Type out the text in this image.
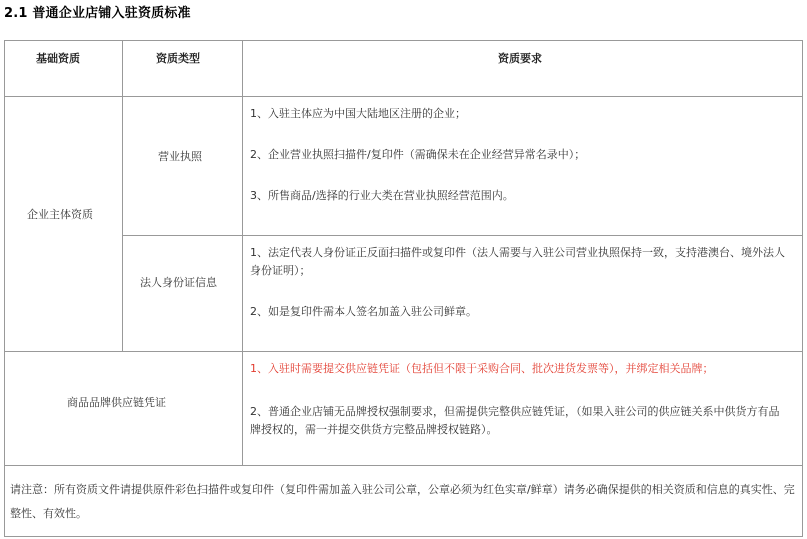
2.1 普通企业店铺入驻资质标准
基础资质	资质类型	资质要求
企业主体资质
营业执照
1、入驻主体应为中国大陆地区注册的企业；
2、企业营业执照扫描件/复印件（需确保未在企业经营异常名录中）；
3、所售商品/选择的行业大类在营业执照经营范围内。
法人身份证信息
1、法定代表人身份证正反面扫描件或复印件（法人需要与入驻公司营业执照保持一致，支持港澳台、境外法人身份证明）；
2、如是复印件需本人签名加盖入驻公司鲜章。
商品品牌供应链凭证
1、入驻时需要提交供应链凭证（包括但不限于采购合同、批次进货发票等），并绑定相关品牌；
2、普通企业店铺无品牌授权强制要求，但需提供完整供应链凭证，（如果入驻公司的供应链关系中供货方有品牌授权的，需一并提交供货方完整品牌授权链路）。
请注意：所有资质文件请提供原件彩色扫描件或复印件（复印件需加盖入驻公司公章，公章必须为红色实章/鲜章）请务必确保提供的相关资质和信息的真实性、完整性、有效性。
